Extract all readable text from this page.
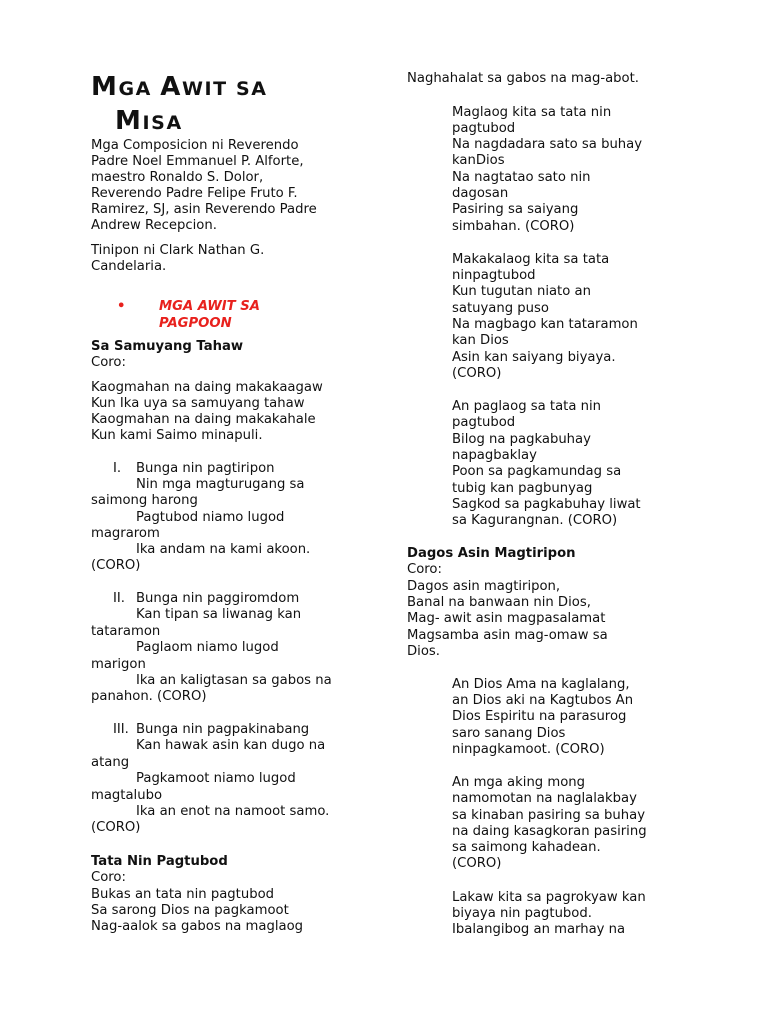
MGA AWIT SA
MISA

Mga Composicion ni Reverendo

Padre Noel Emmanuel P. Alforte,

maestro Ronaldo S. Dolor,

Reverendo Padre Felipe Fruto F.

Ramirez, SJ, asin Reverendo Padre

Andrew Recepcion.

Tinipon ni Clark Nathan G.

Candelaria.

•	MGA AWIT SA
PAGPOON

Sa Samuyang Tahaw

Coro:

Kaogmahan na daing makakaagaw

Kun Ika uya sa samuyang tahaw

Kaogmahan na daing makakahale

Kun kami Saimo minapuli.

I. Bunga nin pagtiripon
Nin mga magturugang sa

saimong harong

Pagtubod niamo lugod

magrarom

Ika andam na kami akoon.

(CORO)

II. Bunga nin paggiromdom
Kan tipan sa liwanag kan

tataramon

Paglaom niamo lugod

marigon

Ika an kaligtasan sa gabos na

panahon. (CORO)

III. Bunga nin pagpakinabang
Kan hawak asin kan dugo na

atang

Pagkamoot niamo lugod

magtalubo

Ika an enot na namoot samo.

(CORO)

Tata Nin Pagtubod

Coro:

Bukas an tata nin pagtubod

Sa sarong Dios na pagkamoot

Nag-aalok sa gabos na maglaog

Naghahalat sa gabos na mag-abot.

Maglaog kita sa tata nin
pagtubod
Na nagdadara sato sa buhay
kanDios
Na nagtatao sato nin
dagosan
Pasiring sa saiyang
simbahan. (CORO)
Makakalaog kita sa tata
ninpagtubod
Kun tugutan niato an
satuyang puso
Na magbago kan tataramon
kan Dios
Asin kan saiyang biyaya.
(CORO)
An paglaog sa tata nin
pagtubod
Bilog na pagkabuhay
napagbaklay
Poon sa pagkamundag sa
tubig kan pagbunyag
Sagkod sa pagkabuhay liwat
sa Kagurangnan. (CORO)

Dagos Asin Magtiripon

Coro:

Dagos asin magtiripon,

Banal na banwaan nin Dios,

Mag- awit asin magpasalamat

Magsamba asin mag-omaw sa

Dios.

An Dios Ama na kaglalang,
an Dios aki na Kagtubos An
Dios Espiritu na parasurog
saro sanang Dios
ninpagkamoot. (CORO)
An mga aking mong
namomotan na naglalakbay
sa kinaban pasiring sa buhay
na daing kasagkoran pasiring
sa saimong kahadean.
(CORO)
Lakaw kita sa pagrokyaw kan
biyaya nin pagtubod.
Ibalangibog an marhay na
